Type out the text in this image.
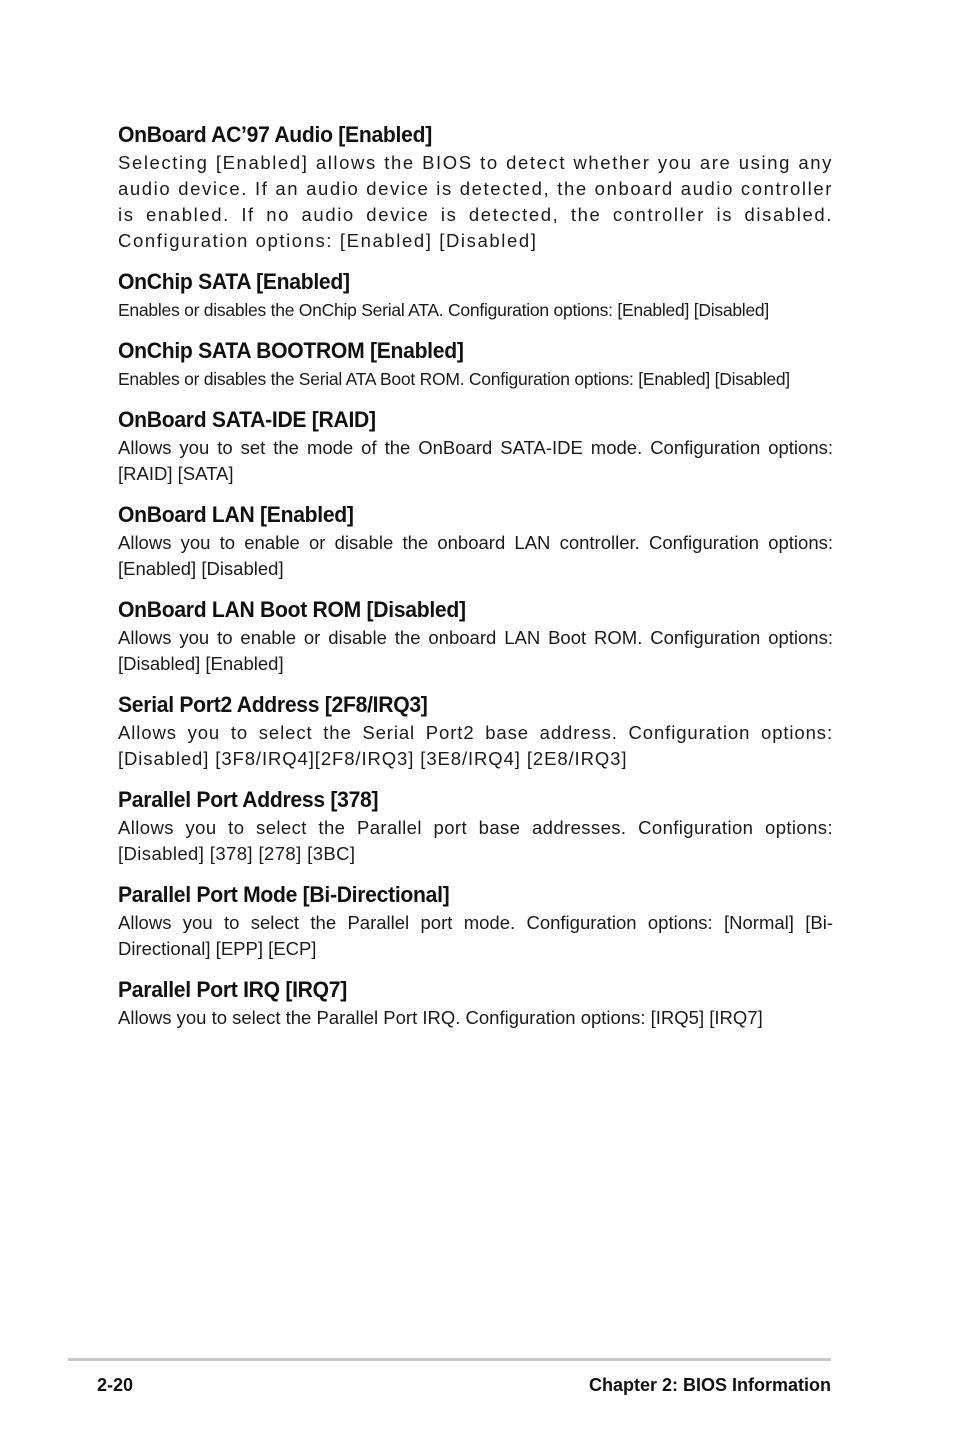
OnBoard AC’97 Audio [Enabled]

Selecting [Enabled] allows the BIOS to detect whether you are using any audio device. If an audio device is detected, the onboard audio controller is enabled. If no audio device is detected, the controller is disabled. Configuration options: [Enabled] [Disabled]

OnChip SATA [Enabled]

Enables or disables the OnChip Serial ATA. Configuration options: [Enabled] [Disabled]

OnChip SATA BOOTROM [Enabled]

Enables or disables the Serial ATA Boot ROM. Configuration options: [Enabled] [Disabled]

OnBoard SATA-IDE [RAID]

Allows you to set the mode of the OnBoard SATA-IDE mode. Configuration options: [RAID] [SATA]

OnBoard LAN [Enabled]

Allows you to enable or disable the onboard LAN controller. Configuration options: [Enabled] [Disabled]

OnBoard LAN Boot ROM [Disabled]

Allows you to enable or disable the onboard LAN Boot ROM. Configuration options: [Disabled] [Enabled]

Serial Port2 Address [2F8/IRQ3]

Allows you to select the Serial Port2 base address. Configuration options: [Disabled] [3F8/IRQ4][2F8/IRQ3] [3E8/IRQ4] [2E8/IRQ3]

Parallel Port Address [378]

Allows you to select the Parallel port base addresses. Configuration options: [Disabled] [378] [278] [3BC]

Parallel Port Mode [Bi-Directional]

Allows you to select the Parallel port mode. Configuration options: [Normal] [Bi-Directional] [EPP] [ECP]

Parallel Port IRQ [IRQ7]

Allows you to select the Parallel Port IRQ. Configuration options: [IRQ5] [IRQ7]

2-20	Chapter 2: BIOS Information
